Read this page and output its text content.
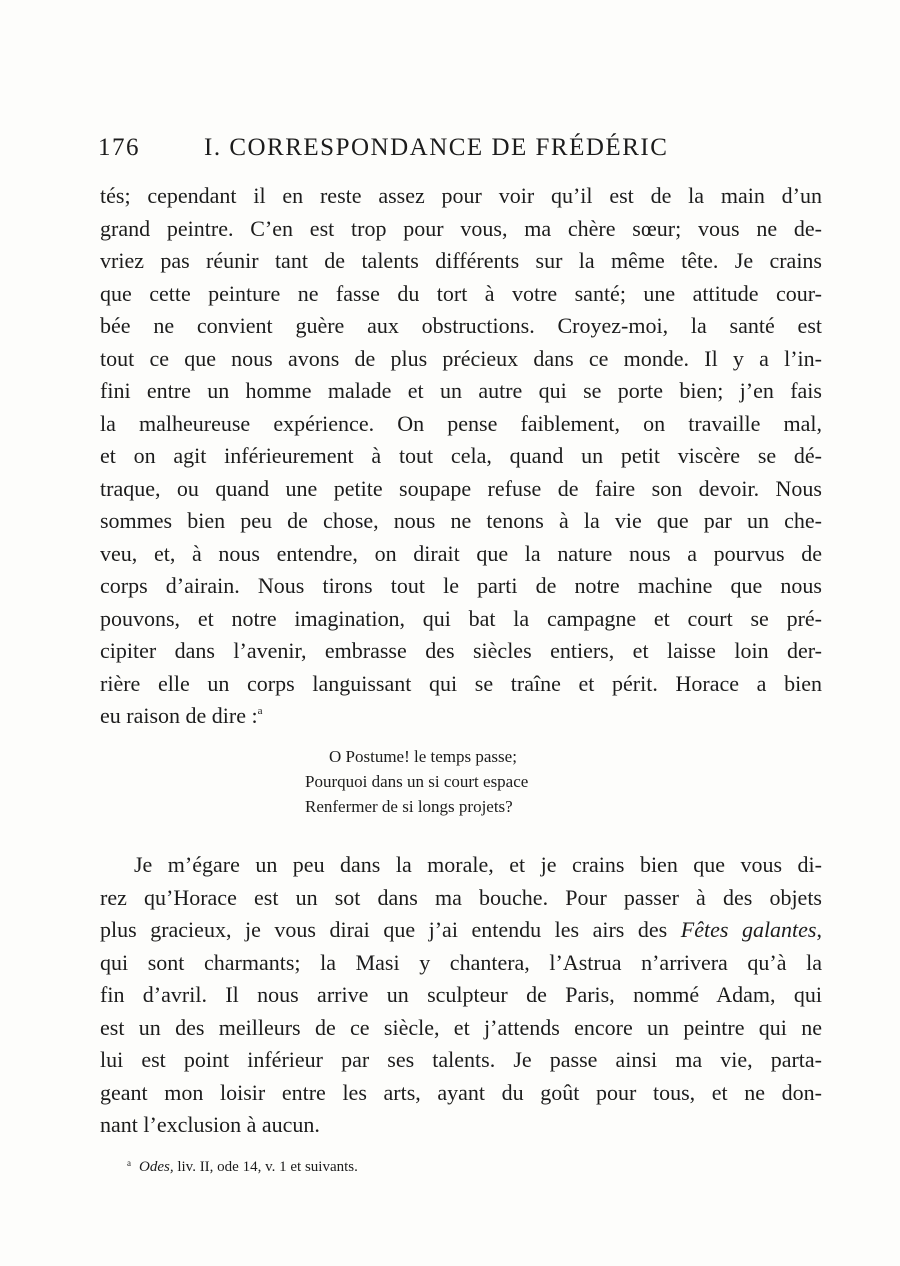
176	I. CORRESPONDANCE DE FRÉDÉRIC
tés; cependant il en reste assez pour voir qu’il est de la main d’un
grand peintre. C’en est trop pour vous, ma chère sœur; vous ne de-
vriez pas réunir tant de talents différents sur la même tête. Je crains
que cette peinture ne fasse du tort à votre santé; une attitude cour-
bée ne convient guère aux obstructions. Croyez-moi, la santé est
tout ce que nous avons de plus précieux dans ce monde. Il y a l’in-
fini entre un homme malade et un autre qui se porte bien; j’en fais
la malheureuse expérience. On pense faiblement, on travaille mal,
et on agit inférieurement à tout cela, quand un petit viscère se dé-
traque, ou quand une petite soupape refuse de faire son devoir. Nous
sommes bien peu de chose, nous ne tenons à la vie que par un che-
veu, et, à nous entendre, on dirait que la nature nous a pourvus de
corps d’airain. Nous tirons tout le parti de notre machine que nous
pouvons, et notre imagination, qui bat la campagne et court se pré-
cipiter dans l’avenir, embrasse des siècles entiers, et laisse loin der-
rière elle un corps languissant qui se traîne et périt. Horace a bien
eu raison de dire :$^a$
O Postume! le temps passe;
Pourquoi dans un si court espace
Renfermer de si longs projets?
Je m’égare un peu dans la morale, et je crains bien que vous di-
rez qu’Horace est un sot dans ma bouche. Pour passer à des objets
plus gracieux, je vous dirai que j’ai entendu les airs des Fêtes galantes,
qui sont charmants; la Masi y chantera, l’Astrua n’arrivera qu’à la
fin d’avril. Il nous arrive un sculpteur de Paris, nommé Adam, qui
est un des meilleurs de ce siècle, et j’attends encore un peintre qui ne
lui est point inférieur par ses talents. Je passe ainsi ma vie, parta-
geant mon loisir entre les arts, ayant du goût pour tous, et ne don-
nant l’exclusion à aucun.
$^a$ Odes, liv. II, ode 14, v. 1 et suivants.
